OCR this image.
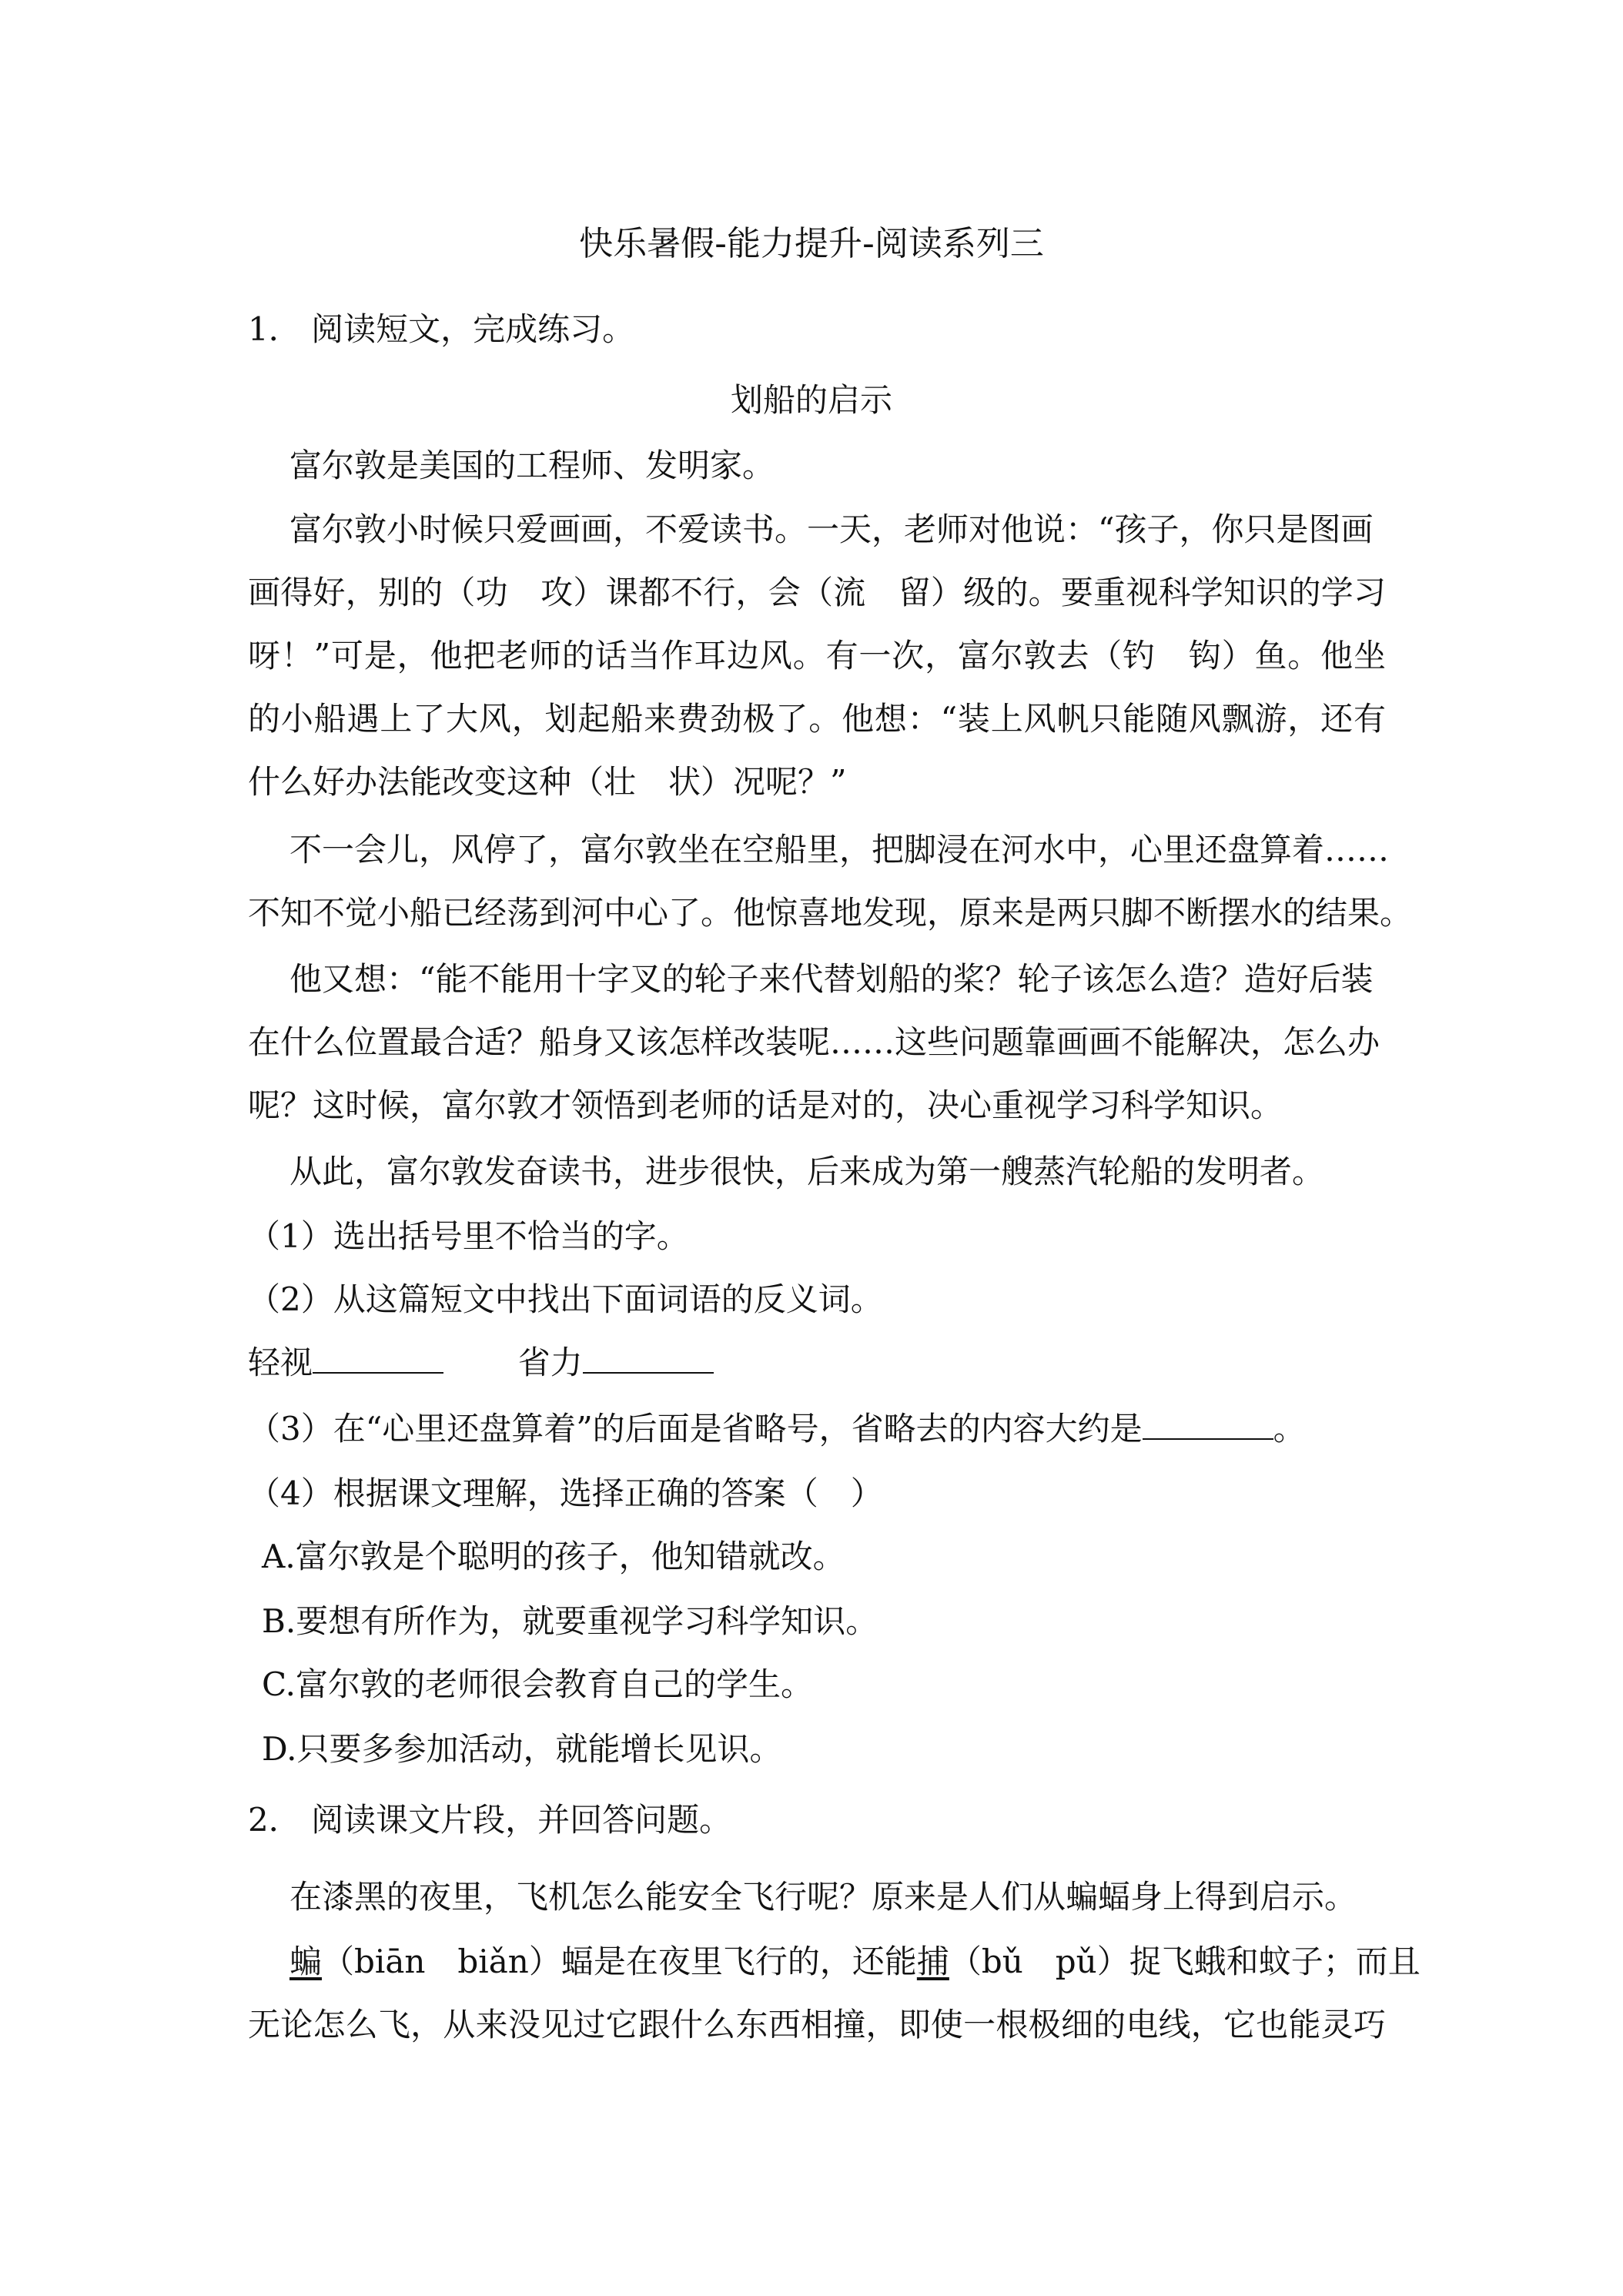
快乐暑假-能力提升-阅读系列三
1． 阅读短文，完成练习。
划船的启示
富尔敦是美国的工程师、发明家。
富尔敦小时候只爱画画，不爱读书。一天，老师对他说：“孩子，你只是图画
画得好，别的（功　攻）课都不行，会（流　留）级的。要重视科学知识的学习
呀！”可是，他把老师的话当作耳边风。有一次，富尔敦去（钓　钩）鱼。他坐
的小船遇上了大风，划起船来费劲极了。他想：“装上风帆只能随风飘游，还有
什么好办法能改变这种（壮　状）况呢？”
不一会儿，风停了，富尔敦坐在空船里，把脚浸在河水中，心里还盘算着……
不知不觉小船已经荡到河中心了。他惊喜地发现，原来是两只脚不断摆水的结果。
他又想：“能不能用十字叉的轮子来代替划船的桨？轮子该怎么造？造好后装
在什么位置最合适？船身又该怎样改装呢……这些问题靠画画不能解决，怎么办
呢？这时候，富尔敦才领悟到老师的话是对的，决心重视学习科学知识。
从此，富尔敦发奋读书，进步很快，后来成为第一艘蒸汽轮船的发明者。
（1）选出括号里不恰当的字。
（2）从这篇短文中找出下面词语的反义词。
轻视	省力
（3）在“心里还盘算着”的后面是省略号，省略去的内容大约是	。
（4）根据课文理解，选择正确的答案（　）
A.富尔敦是个聪明的孩子，他知错就改。
B.要想有所作为，就要重视学习科学知识。
C.富尔敦的老师很会教育自己的学生。
D.只要多参加活动，就能增长见识。
2． 阅读课文片段，并回答问题。
在漆黑的夜里，飞机怎么能安全飞行呢？原来是人们从蝙蝠身上得到启示。
蝙（biān　biǎn）蝠是在夜里飞行的，还能捕（bǔ　pǔ）捉飞蛾和蚊子；而且
无论怎么飞，从来没见过它跟什么东西相撞，即使一根极细的电线，它也能灵巧
